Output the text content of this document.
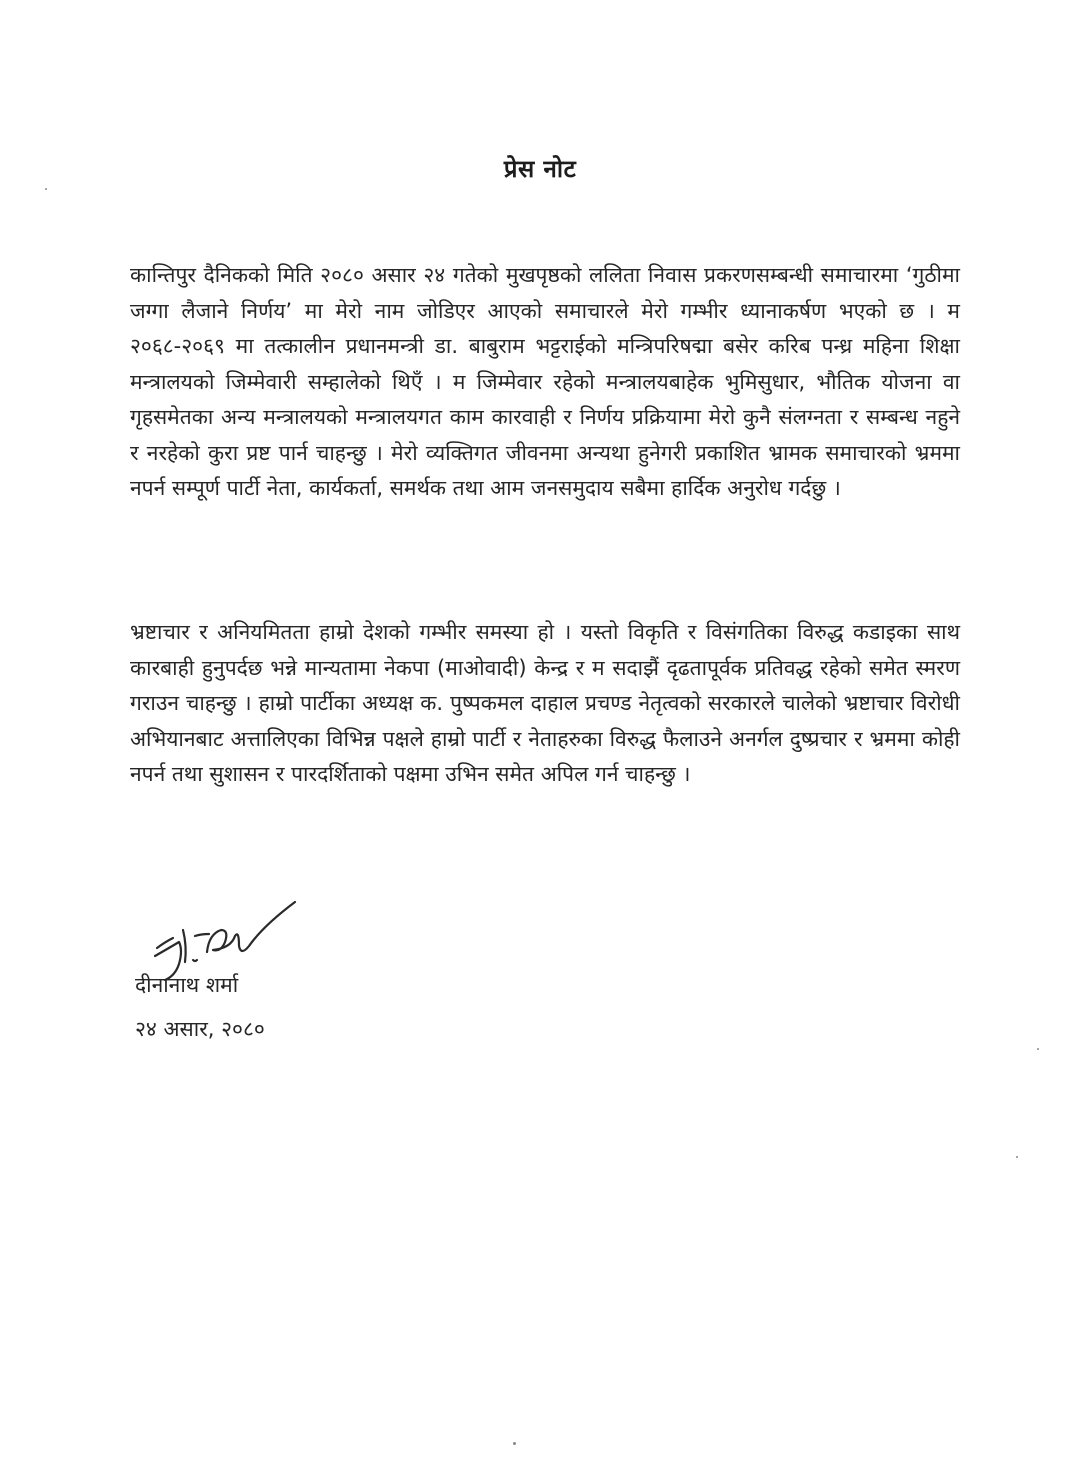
प्रेस नोट
कान्तिपुर दैनिकको मिति २०८० असार २४ गतेको मुखपृष्ठको ललिता निवास प्रकरणसम्बन्धी समाचारमा ‘गुठीमा जग्गा लैजाने निर्णय’ मा मेरो नाम जोडिएर आएको समाचारले मेरो गम्भीर ध्यानाकर्षण भएको छ । म २०६८-२०६९ मा तत्कालीन प्रधानमन्त्री डा. बाबुराम भट्टराईको मन्त्रिपरिषद्मा बसेर करिब पन्ध्र महिना शिक्षा मन्त्रालयको जिम्मेवारी सम्हालेको थिएँ । म जिम्मेवार रहेको मन्त्रालयबाहेक भुमिसुधार, भौतिक योजना वा गृहसमेतका अन्य मन्त्रालयको मन्त्रालयगत काम कारवाही र निर्णय प्रक्रियामा मेरो कुनै संलग्नता र सम्बन्ध नहुने र नरहेको कुरा प्रष्ट पार्न चाहन्छु । मेरो व्यक्तिगत जीवनमा अन्यथा हुनेगरी प्रकाशित भ्रामक समाचारको भ्रममा नपर्न सम्पूर्ण पार्टी नेता, कार्यकर्ता, समर्थक तथा आम जनसमुदाय सबैमा हार्दिक अनुरोध गर्दछु ।
भ्रष्टाचार र अनियमितता हाम्रो देशको गम्भीर समस्या हो । यस्तो विकृति र विसंगतिका विरुद्ध कडाइका साथ कारबाही हुनुपर्दछ भन्ने मान्यतामा नेकपा (माओवादी) केन्द्र र म सदाझैं दृढतापूर्वक प्रतिवद्ध रहेको समेत स्मरण गराउन चाहन्छु । हाम्रो पार्टीका अध्यक्ष क. पुष्पकमल दाहाल प्रचण्ड नेतृत्वको सरकारले चालेको भ्रष्टाचार विरोधी अभियानबाट अत्तालिएका विभिन्न पक्षले हाम्रो पार्टी र नेताहरुका विरुद्ध फैलाउने अनर्गल दुष्प्रचार र भ्रममा कोही नपर्न तथा सुशासन र पारदर्शिताको पक्षमा उभिन समेत अपिल गर्न चाहन्छु ।
दीनानाथ शर्मा
२४ असार, २०८०
